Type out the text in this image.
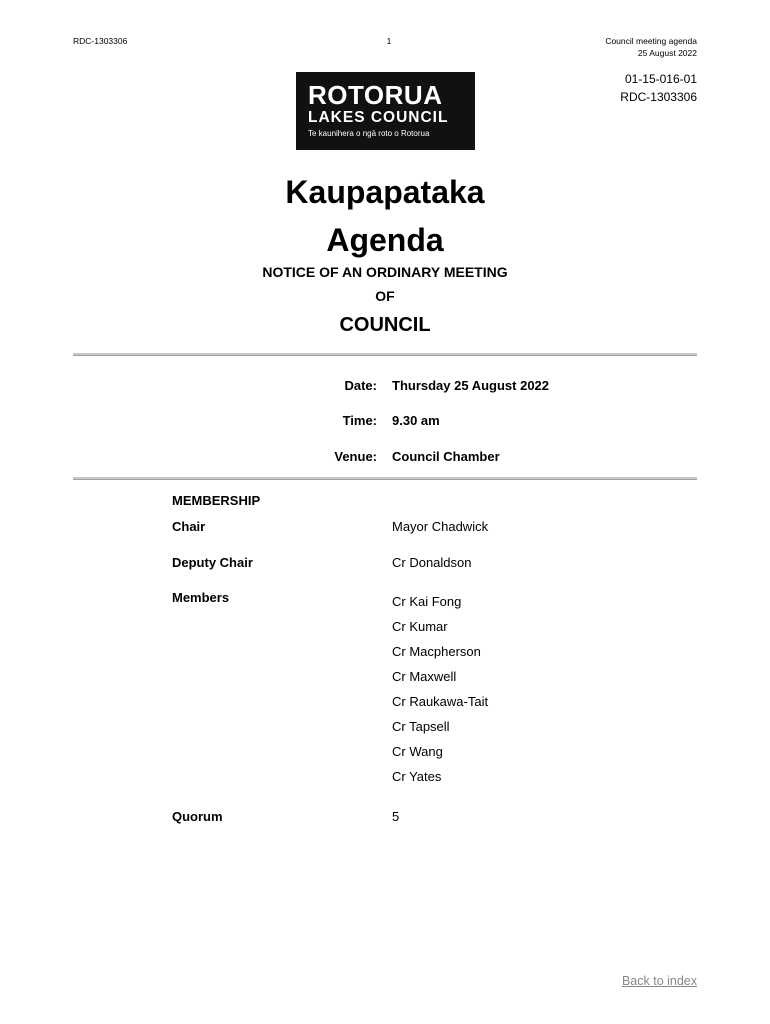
RDC-1303306	1	Council meeting agenda
25 August 2022
01-15-016-01
RDC-1303306
ROTORUA
LAKES COUNCIL
Te kaunihera o ngā roto o Rotorua
Kaupapataka
Agenda
NOTICE OF AN ORDINARY MEETING
OF
COUNCIL
Date: Thursday 25 August 2022
Time: 9.30 am
Venue: Council Chamber
MEMBERSHIP
Chair	Mayor Chadwick
Deputy Chair	Cr Donaldson
Members	Cr Kai Fong
Cr Kumar
Cr Macpherson
Cr Maxwell
Cr Raukawa-Tait
Cr Tapsell
Cr Wang
Cr Yates
Quorum	5
Back to index
